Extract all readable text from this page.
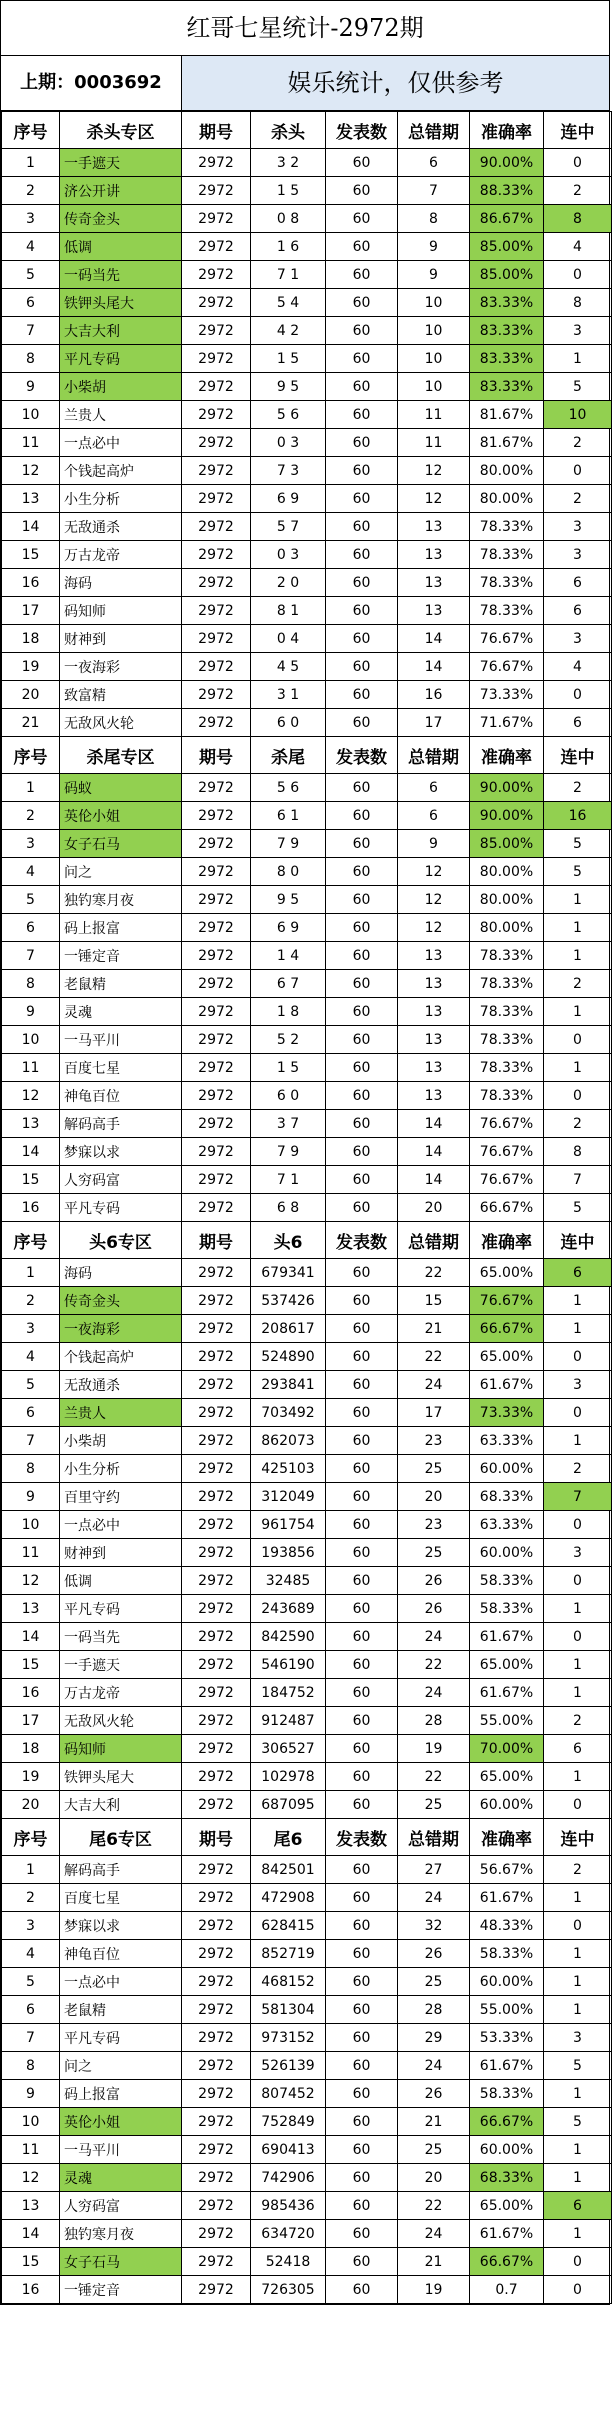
红哥七星统计-2972期
上期：0003692	娱乐统计，仅供参考
序号	杀头专区	期号	杀头	发表数	总错期	准确率	连中
1	一手遮天	2972	3 2	60	6	90.00%	0
2	济公开讲	2972	1 5	60	7	88.33%	2
3	传奇金头	2972	0 8	60	8	86.67%	8
4	低调	2972	1 6	60	9	85.00%	4
5	一码当先	2972	7 1	60	9	85.00%	0
6	铁钾头尾大	2972	5 4	60	10	83.33%	8
7	大吉大利	2972	4 2	60	10	83.33%	3
8	平凡专码	2972	1 5	60	10	83.33%	1
9	小柴胡	2972	9 5	60	10	83.33%	5
10	兰贵人	2972	5 6	60	11	81.67%	10
11	一点必中	2972	0 3	60	11	81.67%	2
12	个钱起高炉	2972	7 3	60	12	80.00%	0
13	小生分析	2972	6 9	60	12	80.00%	2
14	无敌通杀	2972	5 7	60	13	78.33%	3
15	万古龙帝	2972	0 3	60	13	78.33%	3
16	海码	2972	2 0	60	13	78.33%	6
17	码知师	2972	8 1	60	13	78.33%	6
18	财神到	2972	0 4	60	14	76.67%	3
19	一夜海彩	2972	4 5	60	14	76.67%	4
20	致富精	2972	3 1	60	16	73.33%	0
21	无敌风火轮	2972	6 0	60	17	71.67%	6
序号	杀尾专区	期号	杀尾	发表数	总错期	准确率	连中
1	码蚁	2972	5 6	60	6	90.00%	2
2	英伦小姐	2972	6 1	60	6	90.00%	16
3	女子石马	2972	7 9	60	9	85.00%	5
4	问之	2972	8 0	60	12	80.00%	5
5	独钓寒月夜	2972	9 5	60	12	80.00%	1
6	码上报富	2972	6 9	60	12	80.00%	1
7	一锤定音	2972	1 4	60	13	78.33%	1
8	老鼠精	2972	6 7	60	13	78.33%	2
9	灵魂	2972	1 8	60	13	78.33%	1
10	一马平川	2972	5 2	60	13	78.33%	0
11	百度七星	2972	1 5	60	13	78.33%	1
12	神龟百位	2972	6 0	60	13	78.33%	0
13	解码高手	2972	3 7	60	14	76.67%	2
14	梦寐以求	2972	7 9	60	14	76.67%	8
15	人穷码富	2972	7 1	60	14	76.67%	7
16	平凡专码	2972	6 8	60	20	66.67%	5
序号	头6专区	期号	头6	发表数	总错期	准确率	连中
1	海码	2972	679341	60	22	65.00%	6
2	传奇金头	2972	537426	60	15	76.67%	1
3	一夜海彩	2972	208617	60	21	66.67%	1
4	个钱起高炉	2972	524890	60	22	65.00%	0
5	无敌通杀	2972	293841	60	24	61.67%	3
6	兰贵人	2972	703492	60	17	73.33%	0
7	小柴胡	2972	862073	60	23	63.33%	1
8	小生分析	2972	425103	60	25	60.00%	2
9	百里守约	2972	312049	60	20	68.33%	7
10	一点必中	2972	961754	60	23	63.33%	0
11	财神到	2972	193856	60	25	60.00%	3
12	低调	2972	32485	60	26	58.33%	0
13	平凡专码	2972	243689	60	26	58.33%	1
14	一码当先	2972	842590	60	24	61.67%	0
15	一手遮天	2972	546190	60	22	65.00%	1
16	万古龙帝	2972	184752	60	24	61.67%	1
17	无敌风火轮	2972	912487	60	28	55.00%	2
18	码知师	2972	306527	60	19	70.00%	6
19	铁钾头尾大	2972	102978	60	22	65.00%	1
20	大吉大利	2972	687095	60	25	60.00%	0
序号	尾6专区	期号	尾6	发表数	总错期	准确率	连中
1	解码高手	2972	842501	60	27	56.67%	2
2	百度七星	2972	472908	60	24	61.67%	1
3	梦寐以求	2972	628415	60	32	48.33%	0
4	神龟百位	2972	852719	60	26	58.33%	1
5	一点必中	2972	468152	60	25	60.00%	1
6	老鼠精	2972	581304	60	28	55.00%	1
7	平凡专码	2972	973152	60	29	53.33%	3
8	问之	2972	526139	60	24	61.67%	5
9	码上报富	2972	807452	60	26	58.33%	1
10	英伦小姐	2972	752849	60	21	66.67%	5
11	一马平川	2972	690413	60	25	60.00%	1
12	灵魂	2972	742906	60	20	68.33%	1
13	人穷码富	2972	985436	60	22	65.00%	6
14	独钓寒月夜	2972	634720	60	24	61.67%	1
15	女子石马	2972	52418	60	21	66.67%	0
16	一锤定音	2972	726305	60	19	0.7	0
